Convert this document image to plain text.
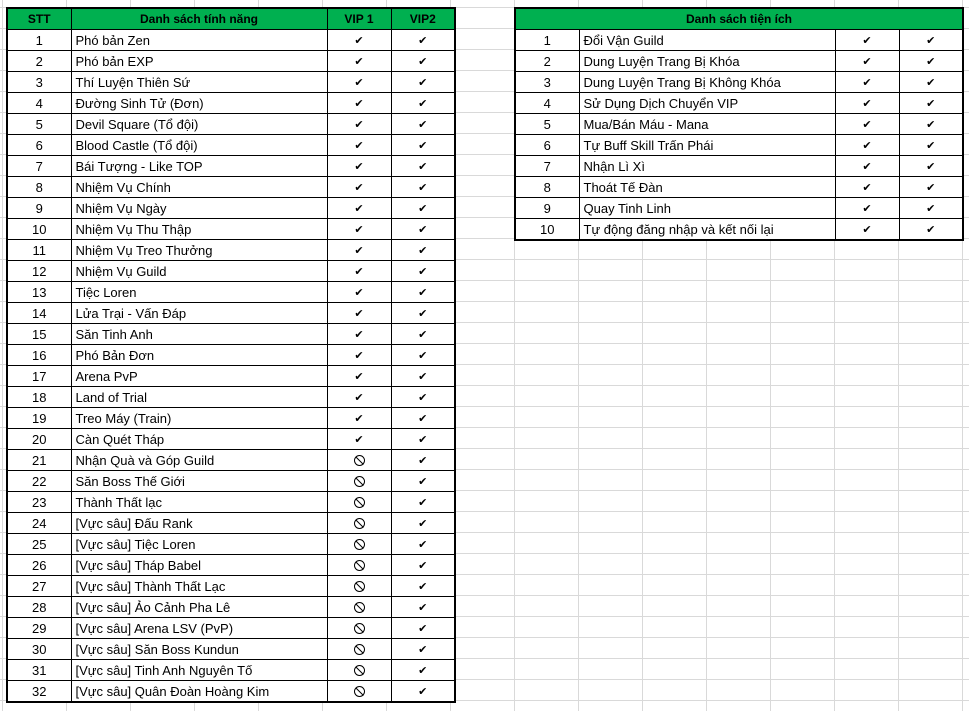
STT	Danh sách tính năng	VIP 1	VIP2
1	Phó bản Zen	✔	✔
2	Phó bản EXP	✔	✔
3	Thí Luyện Thiên Sứ	✔	✔
4	Đường Sinh Tử (Đơn)	✔	✔
5	Devil Square (Tổ đội)	✔	✔
6	Blood Castle (Tổ đội)	✔	✔
7	Bái Tượng - Like TOP	✔	✔
8	Nhiệm Vụ Chính	✔	✔
9	Nhiệm Vụ Ngày	✔	✔
10	Nhiệm Vụ Thu Thập	✔	✔
11	Nhiệm Vụ Treo Thưởng	✔	✔
12	Nhiệm Vụ Guild	✔	✔
13	Tiệc Loren	✔	✔
14	Lửa Trại - Vấn Đáp	✔	✔
15	Săn Tinh Anh	✔	✔
16	Phó Bản Đơn	✔	✔
17	Arena PvP	✔	✔
18	Land of Trial	✔	✔
19	Treo Máy (Train)	✔	✔
20	Càn Quét Tháp	✔	✔
21	Nhận Quà và Góp Guild		✔
22	Săn Boss Thế Giới		✔
23	Thành Thất lạc		✔
24	[Vực sâu] Đấu Rank		✔
25	[Vực sâu] Tiệc Loren		✔
26	[Vực sâu] Tháp Babel		✔
27	[Vực sâu] Thành Thất Lạc		✔
28	[Vực sâu] Ảo Cảnh Pha Lê		✔
29	[Vực sâu] Arena LSV (PvP)		✔
30	[Vực sâu] Săn Boss Kundun		✔
31	[Vực sâu] Tinh Anh Nguyên Tố		✔
32	[Vực sâu] Quân Đoàn Hoàng Kim		✔
Danh sách tiện ích			
1	Đổi Vận Guild	✔	✔
2	Dung Luyện Trang Bị Khóa	✔	✔
3	Dung Luyện Trang Bị Không Khóa	✔	✔
4	Sử Dụng Dịch Chuyển VIP	✔	✔
5	Mua/Bán Máu - Mana	✔	✔
6	Tự Buff Skill Trấn Phái	✔	✔
7	Nhận Lì Xì	✔	✔
8	Thoát Tế Đàn	✔	✔
9	Quay Tinh Linh	✔	✔
10	Tự động đăng nhập và kết nối lại	✔	✔
